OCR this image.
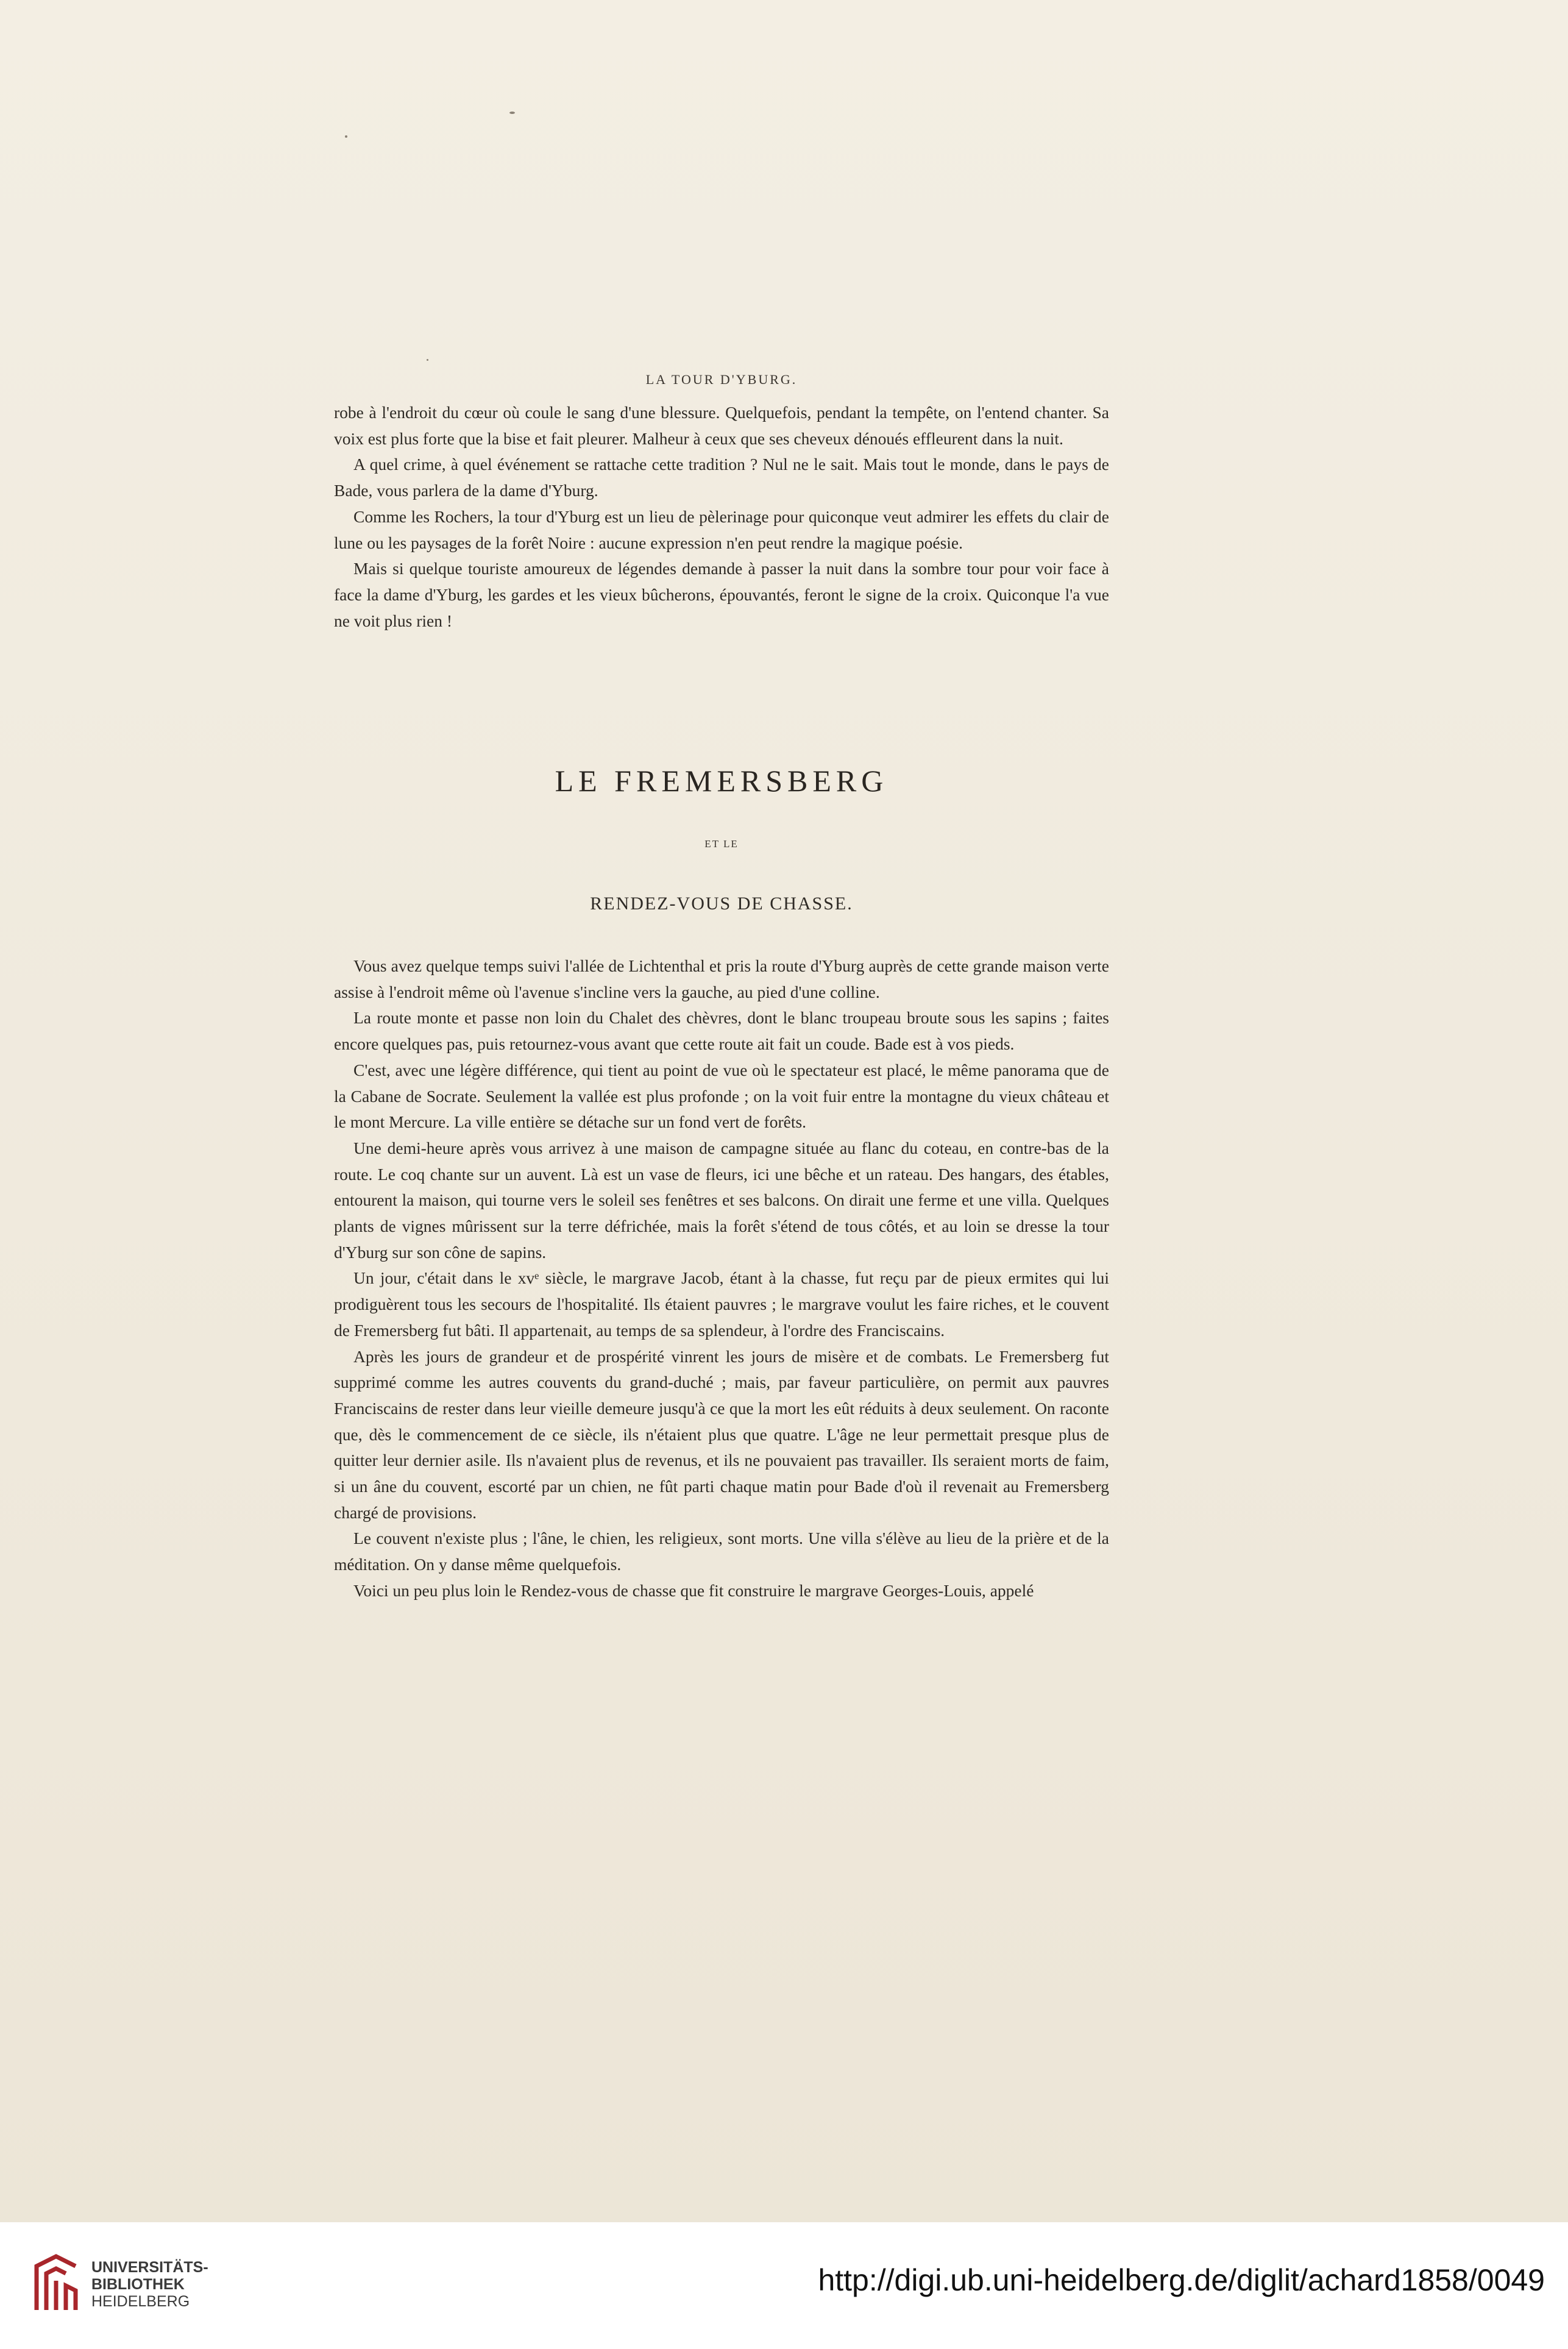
LA TOUR D'YBURG.

robe à l'endroit du cœur où coule le sang d'une blessure. Quelquefois, pendant la tempête, on l'entend chanter. Sa voix est plus forte que la bise et fait pleurer. Malheur à ceux que ses cheveux dénoués effleurent dans la nuit.

A quel crime, à quel événement se rattache cette tradition ? Nul ne le sait. Mais tout le monde, dans le pays de Bade, vous parlera de la dame d'Yburg.

Comme les Rochers, la tour d'Yburg est un lieu de pèlerinage pour quiconque veut admirer les effets du clair de lune ou les paysages de la forêt Noire : aucune expression n'en peut rendre la magique poésie.

Mais si quelque touriste amoureux de légendes demande à passer la nuit dans la sombre tour pour voir face à face la dame d'Yburg, les gardes et les vieux bûcherons, épouvantés, feront le signe de la croix. Quiconque l'a vue ne voit plus rien !

LE FREMERSBERG
ET LE
RENDEZ-VOUS DE CHASSE.

Vous avez quelque temps suivi l'allée de Lichtenthal et pris la route d'Yburg auprès de cette grande maison verte assise à l'endroit même où l'avenue s'incline vers la gauche, au pied d'une colline.

La route monte et passe non loin du Chalet des chèvres, dont le blanc troupeau broute sous les sapins ; faites encore quelques pas, puis retournez-vous avant que cette route ait fait un coude. Bade est à vos pieds.

C'est, avec une légère différence, qui tient au point de vue où le spectateur est placé, le même panorama que de la Cabane de Socrate. Seulement la vallée est plus profonde ; on la voit fuir entre la montagne du vieux château et le mont Mercure. La ville entière se détache sur un fond vert de forêts.

Une demi-heure après vous arrivez à une maison de campagne située au flanc du coteau, en contre-bas de la route. Le coq chante sur un auvent. Là est un vase de fleurs, ici une bêche et un rateau. Des hangars, des étables, entourent la maison, qui tourne vers le soleil ses fenêtres et ses balcons. On dirait une ferme et une villa. Quelques plants de vignes mûrissent sur la terre défrichée, mais la forêt s'étend de tous côtés, et au loin se dresse la tour d'Yburg sur son cône de sapins.

Un jour, c'était dans le xvᵉ siècle, le margrave Jacob, étant à la chasse, fut reçu par de pieux ermites qui lui prodiguèrent tous les secours de l'hospitalité. Ils étaient pauvres ; le margrave voulut les faire riches, et le couvent de Fremersberg fut bâti. Il appartenait, au temps de sa splendeur, à l'ordre des Franciscains.

Après les jours de grandeur et de prospérité vinrent les jours de misère et de combats. Le Fremersberg fut supprimé comme les autres couvents du grand-duché ; mais, par faveur particulière, on permit aux pauvres Franciscains de rester dans leur vieille demeure jusqu'à ce que la mort les eût réduits à deux seulement. On raconte que, dès le commencement de ce siècle, ils n'étaient plus que quatre. L'âge ne leur permettait presque plus de quitter leur dernier asile. Ils n'avaient plus de revenus, et ils ne pouvaient pas travailler. Ils seraient morts de faim, si un âne du couvent, escorté par un chien, ne fût parti chaque matin pour Bade d'où il revenait au Fremersberg chargé de provisions.

Le couvent n'existe plus ; l'âne, le chien, les religieux, sont morts. Une villa s'élève au lieu de la prière et de la méditation. On y danse même quelquefois.

Voici un peu plus loin le Rendez-vous de chasse que fit construire le margrave Georges-Louis, appelé

UNIVERSITÄTS-
BIBLIOTHEK
HEIDELBERG
http://digi.ub.uni-heidelberg.de/diglit/achard1858/0049
